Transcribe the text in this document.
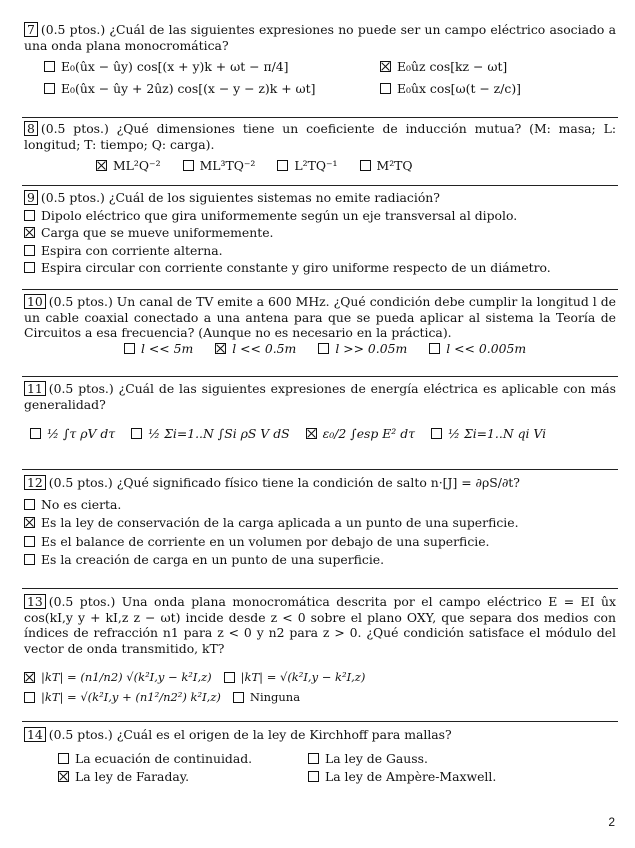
7 (0.5 ptos.) ¿Cuál de las siguientes expresiones no puede ser un campo eléctrico asociado a una onda plana monocromática?
E₀(ûx − ûy) cos[(x + y)k + ωt − π/4]	E₀ûz cos[kz − ωt]
E₀(ûx − ûy + 2ûz) cos[(x − y − z)k + ωt]	E₀ûx cos[ω(t − z/c)]
8 (0.5 ptos.) ¿Qué dimensiones tiene un coeficiente de inducción mutua? (M: masa; L: longitud; T: tiempo; Q: carga).
ML²Q⁻²	ML³TQ⁻²	L²TQ⁻¹	M²TQ
9 (0.5 ptos.) ¿Cuál de los siguientes sistemas no emite radiación?
Dipolo eléctrico que gira uniformemente según un eje transversal al dipolo.
Carga que se mueve uniformemente.
Espira con corriente alterna.
Espira circular con corriente constante y giro uniforme respecto de un diámetro.
10 (0.5 ptos.) Un canal de TV emite a 600 MHz. ¿Qué condición debe cumplir la longitud l de un cable coaxial conectado a una antena para que se pueda aplicar al sistema la Teoría de Circuitos a esa frecuencia? (Aunque no es necesario en la práctica).
l << 5m	l << 0.5m	l >> 0.05m	l << 0.005m
11 (0.5 ptos.) ¿Cuál de las siguientes expresiones de energía eléctrica es aplicable con más generalidad?
½ ∫τ ρV dτ	½ Σi=1..N ∫Si ρS V dS	ε₀/2 ∫esp E² dτ	½ Σi=1..N qi Vi
12 (0.5 ptos.) ¿Qué significado físico tiene la condición de salto n·[J] = ∂ρS/∂t?
No es cierta.
Es la ley de conservación de la carga aplicada a un punto de una superficie.
Es el balance de corriente en un volumen por debajo de una superficie.
Es la creación de carga en un punto de una superficie.
13 (0.5 ptos.) Una onda plana monocromática descrita por el campo eléctrico E = EI ûx cos(kI,y y + kI,z z − ωt) incide desde z < 0 sobre el plano OXY, que separa dos medios con índices de refracción n1 para z < 0 y n2 para z > 0. ¿Qué condición satisface el módulo del vector de onda transmitido, kT?
|kT| = (n1/n2) √(k²I,y − k²I,z)	|kT| = √(k²I,y − k²I,z)
|kT| = √(k²I,y + (n1²/n2²) k²I,z)	Ninguna
14 (0.5 ptos.) ¿Cuál es el origen de la ley de Kirchhoff para mallas?
La ecuación de continuidad.	La ley de Gauss.
La ley de Faraday.	La ley de Ampère-Maxwell.
2
